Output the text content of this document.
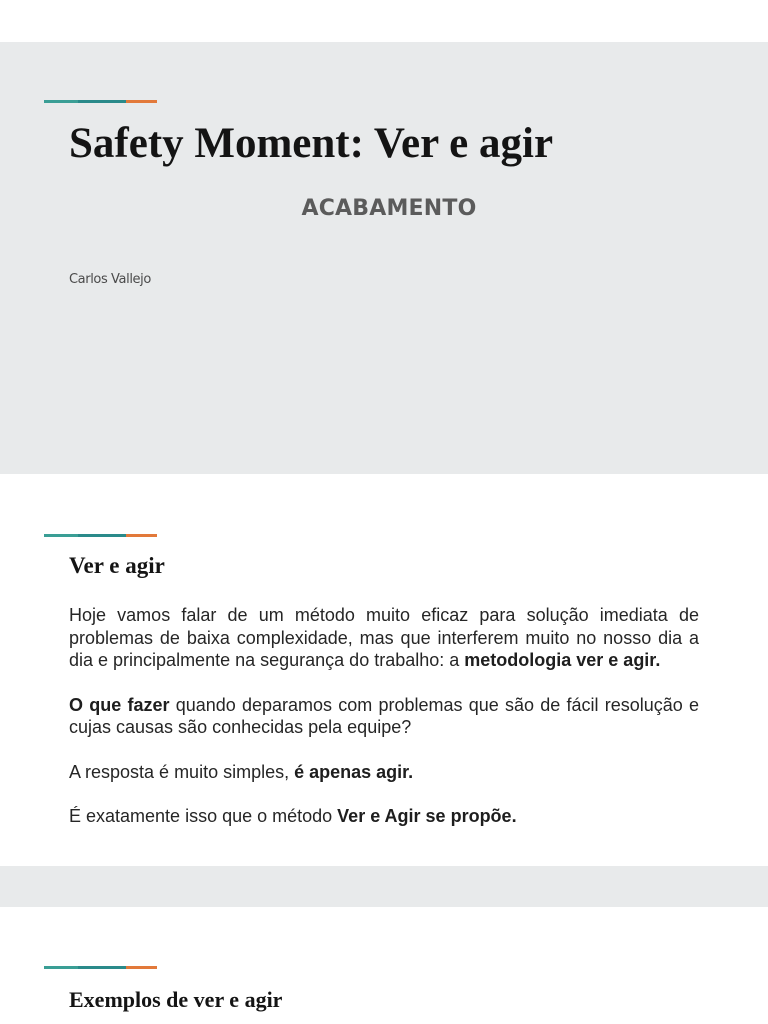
Safety Moment: Ver e agir
ACABAMENTO
Carlos Vallejo
Ver e agir

Hoje vamos falar de um método muito eficaz para solução imediata de problemas de baixa complexidade, mas que interferem muito no nosso dia a dia e principalmente na segurança do trabalho: a metodologia ver e agir.

O que fazer quando deparamos com problemas que são de fácil resolução e cujas causas são conhecidas pela equipe?

A resposta é muito simples, é apenas agir.

É exatamente isso que o método Ver e Agir se propõe.

Exemplos de ver e agir
